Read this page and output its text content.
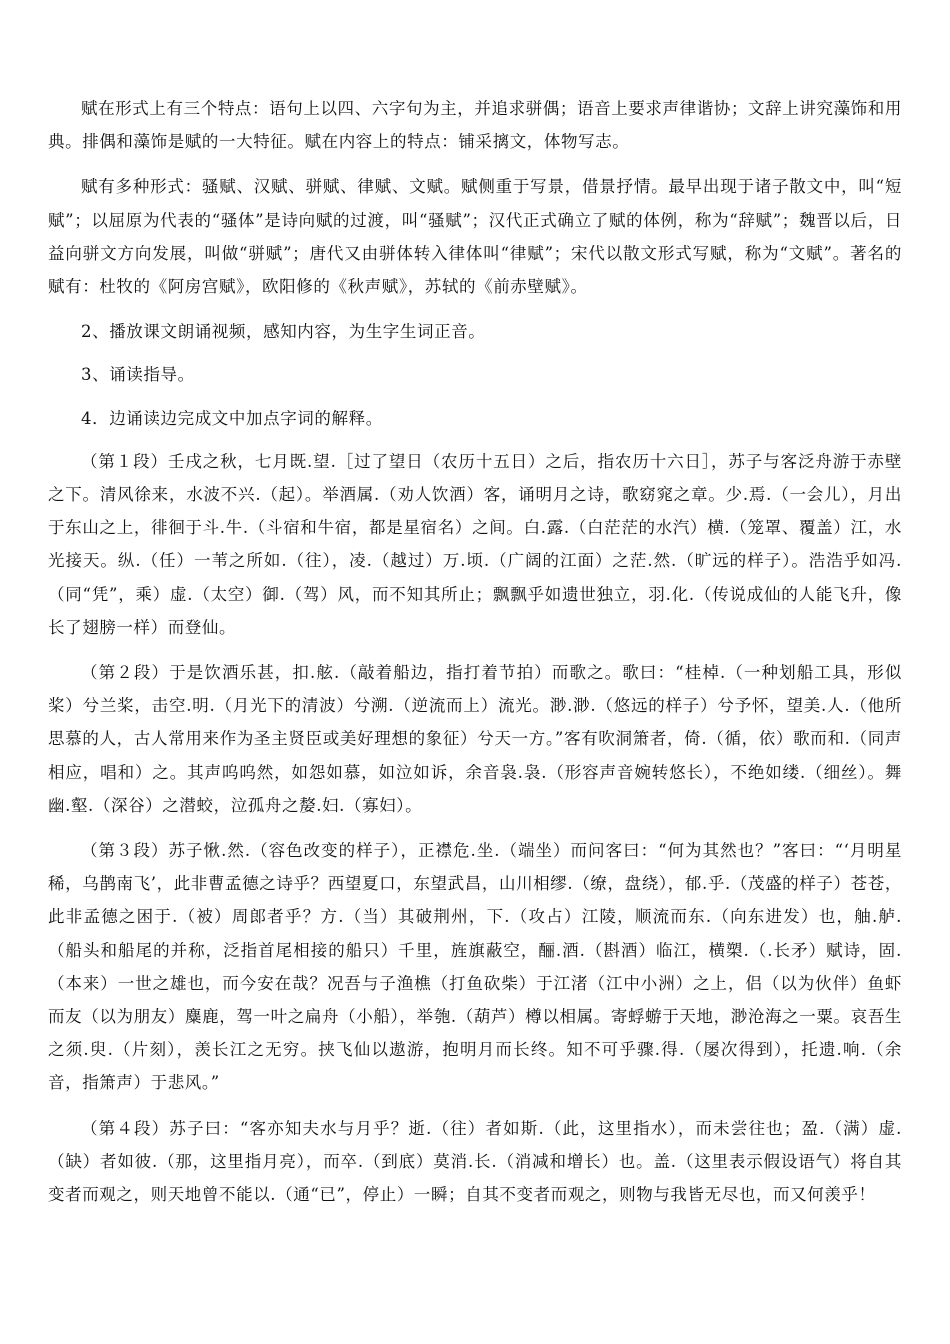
赋在形式上有三个特点：语句上以四、六字句为主，并追求骈偶；语音上要求声律谐协；文辞上讲究藻饰和用典。排偶和藻饰是赋的一大特征。赋在内容上的特点：铺采摛文，体物写志。

赋有多种形式：骚赋、汉赋、骈赋、律赋、文赋。赋侧重于写景，借景抒情。最早出现于诸子散文中，叫“短赋”；以屈原为代表的“骚体”是诗向赋的过渡，叫“骚赋”；汉代正式确立了赋的体例，称为“辞赋”；魏晋以后，日益向骈文方向发展，叫做“骈赋”；唐代又由骈体转入律体叫“律赋”；宋代以散文形式写赋，称为“文赋”。著名的赋有：杜牧的《阿房宫赋》，欧阳修的《秋声赋》，苏轼的《前赤壁赋》。

2、播放课文朗诵视频，感知内容，为生字生词正音。

3、诵读指导。

4．边诵读边完成文中加点字词的解释。

（第１段）壬戌之秋，七月既.望.［过了望日（农历十五日）之后，指农历十六日］，苏子与客泛舟游于赤壁之下。清风徐来，水波不兴.（起）。举酒属.（劝人饮酒）客，诵明月之诗，歌窈窕之章。少.焉.（一会儿），月出于东山之上，徘徊于斗.牛.（斗宿和牛宿，都是星宿名）之间。白.露.（白茫茫的水汽）横.（笼罩、覆盖）江，水光接天。纵.（任）一苇之所如.（往），凌.（越过）万.顷.（广阔的江面）之茫.然.（旷远的样子）。浩浩乎如冯.（同“凭”，乘）虚.（太空）御.（驾）风，而不知其所止；飘飘乎如遗世独立，羽.化.（传说成仙的人能飞升，像长了翅膀一样）而登仙。

（第２段）于是饮酒乐甚，扣.舷.（敲着船边，指打着节拍）而歌之。歌曰：“桂棹.（一种划船工具，形似桨）兮兰桨，击空.明.（月光下的清波）兮溯.（逆流而上）流光。渺.渺.（悠远的样子）兮予怀，望美.人.（他所思慕的人，古人常用来作为圣主贤臣或美好理想的象征）兮天一方。”客有吹洞箫者，倚.（循，依）歌而和.（同声相应，唱和）之。其声呜呜然，如怨如慕，如泣如诉，余音袅.袅.（形容声音婉转悠长），不绝如缕.（细丝）。舞幽.壑.（深谷）之潜蛟，泣孤舟之嫠.妇.（寡妇）。

（第３段）苏子愀.然.（容色改变的样子），正襟危.坐.（端坐）而问客曰：“何为其然也？”客曰：“‘月明星稀，乌鹊南飞’，此非曹孟德之诗乎？西望夏口，东望武昌，山川相缪.（缭，盘绕），郁.乎.（茂盛的样子）苍苍，此非孟德之困于.（被）周郎者乎？方.（当）其破荆州，下.（攻占）江陵，顺流而东.（向东进发）也，舳.舻.（船头和船尾的并称，泛指首尾相接的船只）千里，旌旗蔽空，酾.酒.（斟酒）临江，横槊.（.长矛）赋诗，固.（本来）一世之雄也，而今安在哉？况吾与子渔樵（打鱼砍柴）于江渚（江中小洲）之上，侣（以为伙伴）鱼虾而友（以为朋友）麋鹿，驾一叶之扁舟（小船），举匏.（葫芦）樽以相属。寄蜉蝣于天地，渺沧海之一粟。哀吾生之须.臾.（片刻），羡长江之无穷。挟飞仙以遨游，抱明月而长终。知不可乎骤.得.（屡次得到），托遗.响.（余音，指箫声）于悲风。”

（第４段）苏子曰：“客亦知夫水与月乎？逝.（往）者如斯.（此，这里指水），而未尝往也；盈.（满）虚.（缺）者如彼.（那，这里指月亮），而卒.（到底）莫消.长.（消减和增长）也。盖.（这里表示假设语气）将自其变者而观之，则天地曾不能以.（通“已”，停止）一瞬；自其不变者而观之，则物与我皆无尽也，而又何羡乎！
